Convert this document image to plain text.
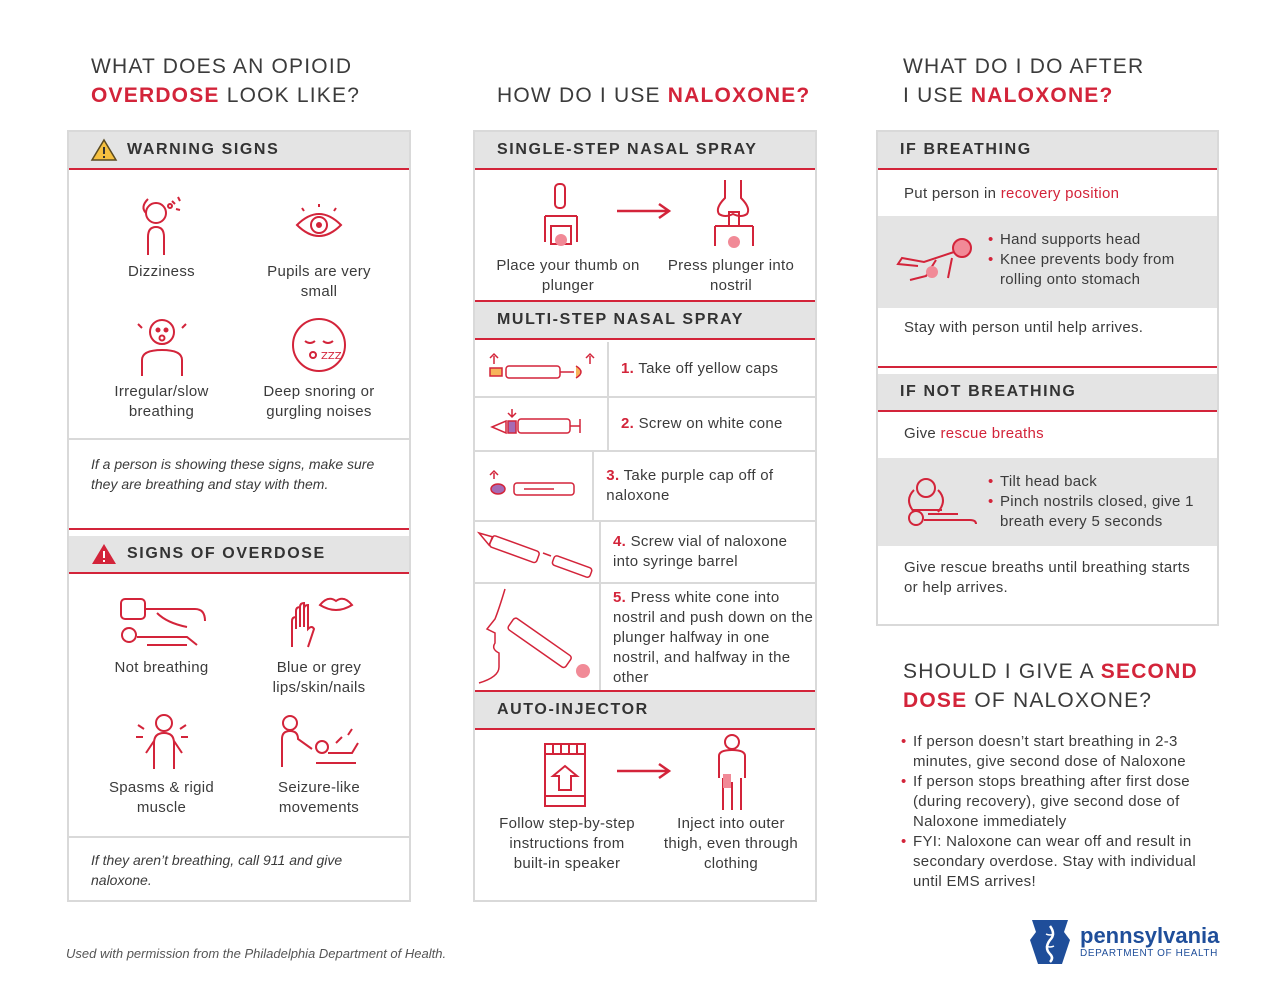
WHAT DOES AN OPIOID
OVERDOSE LOOK LIKE?
WARNING SIGNS
Dizziness	Pupils are very small
Irregular/slow breathing
ZZZ
Deep snoring or gurgling noises
If a person is showing these signs, make sure they are breathing and stay with them.
SIGNS OF OVERDOSE
Not breathing	Blue or grey lips/skin/nails
Spasms & rigid muscle
Seizure-like movements
If they aren’t breathing, call 911 and give naloxone.
HOW DO I USE NALOXONE?
SINGLE-STEP NASAL SPRAY
Place your thumb on plunger
Press plunger into nostril
MULTI-STEP NASAL SPRAY
1. Take off yellow caps
2. Screw on white cone
3. Take purple cap off of naloxone
4. Screw vial of naloxone into syringe barrel
5. Press white cone into nostril and push down on the plunger halfway in one nostril, and halfway in the other
AUTO-INJECTOR
Follow step-by-step instructions from built-in speaker
Inject into outer thigh, even through clothing
WHAT DO I DO AFTER
I USE NALOXONE?
IF BREATHING
Put person in recovery position
• Hand supports head
• Knee prevents body from rolling onto stomach
Stay with person until help arrives.
IF NOT BREATHING
Give rescue breaths
• Tilt head back
• Pinch nostrils closed, give 1 breath every 5 seconds
Give rescue breaths until breathing starts or help arrives.
SHOULD I GIVE A SECOND
DOSE OF NALOXONE?
• If person doesn’t start breathing in 2-3 minutes, give second dose of Naloxone
• If person stops breathing after first dose (during recovery), give second dose of Naloxone immediately
• FYI: Naloxone can wear off and result in secondary overdose. Stay with individual until EMS arrives!
Used with permission from the Philadelphia Department of Health.
pennsylvania
DEPARTMENT OF HEALTH
